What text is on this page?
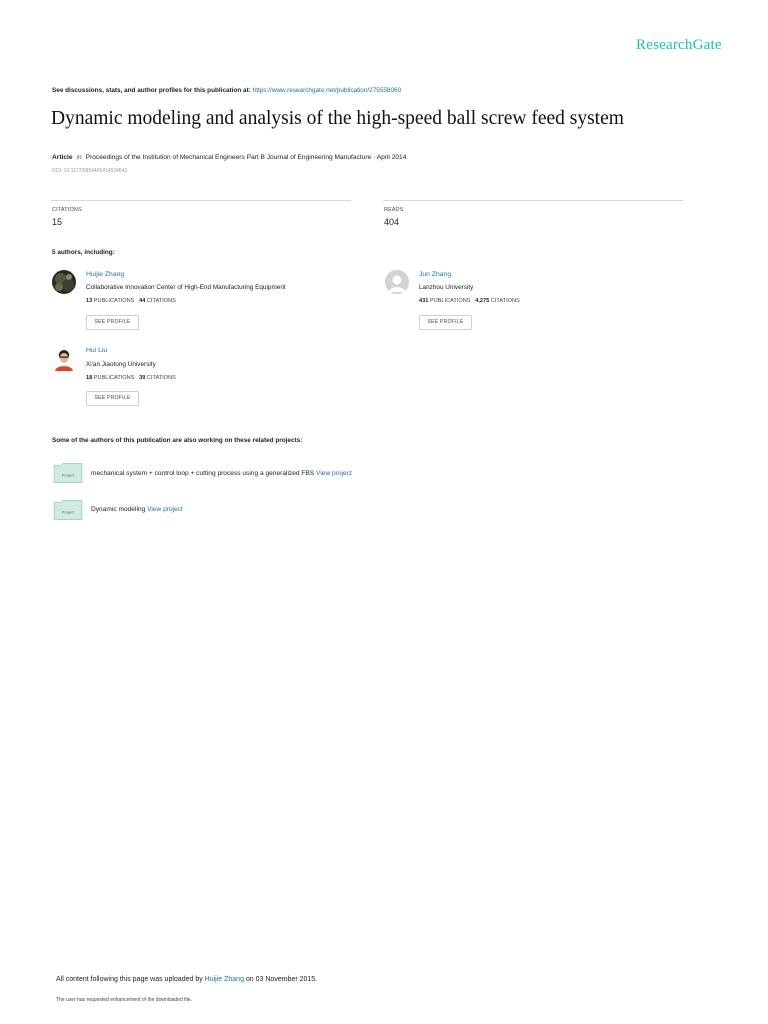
ResearchGate
See discussions, stats, and author profiles for this publication at: https://www.researchgate.net/publication/275558060
Dynamic modeling and analysis of the high-speed ball screw feed system
Article in Proceedings of the Institution of Mechanical Engineers Part B Journal of Engineering Manufacture · April 2014
DOI: 10.1177/0954405414534641
CITATIONS
15
READS
404
5 authors, including:
Huijie Zhang
Collaborative Innovation Center of High-End Manufacturing Equipment
13 PUBLICATIONS 44 CITATIONS
SEE PROFILE
Jun Zhang
Lanzhou University
431 PUBLICATIONS 4,275 CITATIONS
SEE PROFILE
Hui Liu
Xi'an Jiaotong University
18 PUBLICATIONS 39 CITATIONS
SEE PROFILE
Some of the authors of this publication are also working on these related projects:
Project	mechanical system + control loop + cutting process using a generalized FBS View project
Project	Dynamic modeling View project
All content following this page was uploaded by Huijie Zhang on 03 November 2015.
The user has requested enhancement of the downloaded file.
